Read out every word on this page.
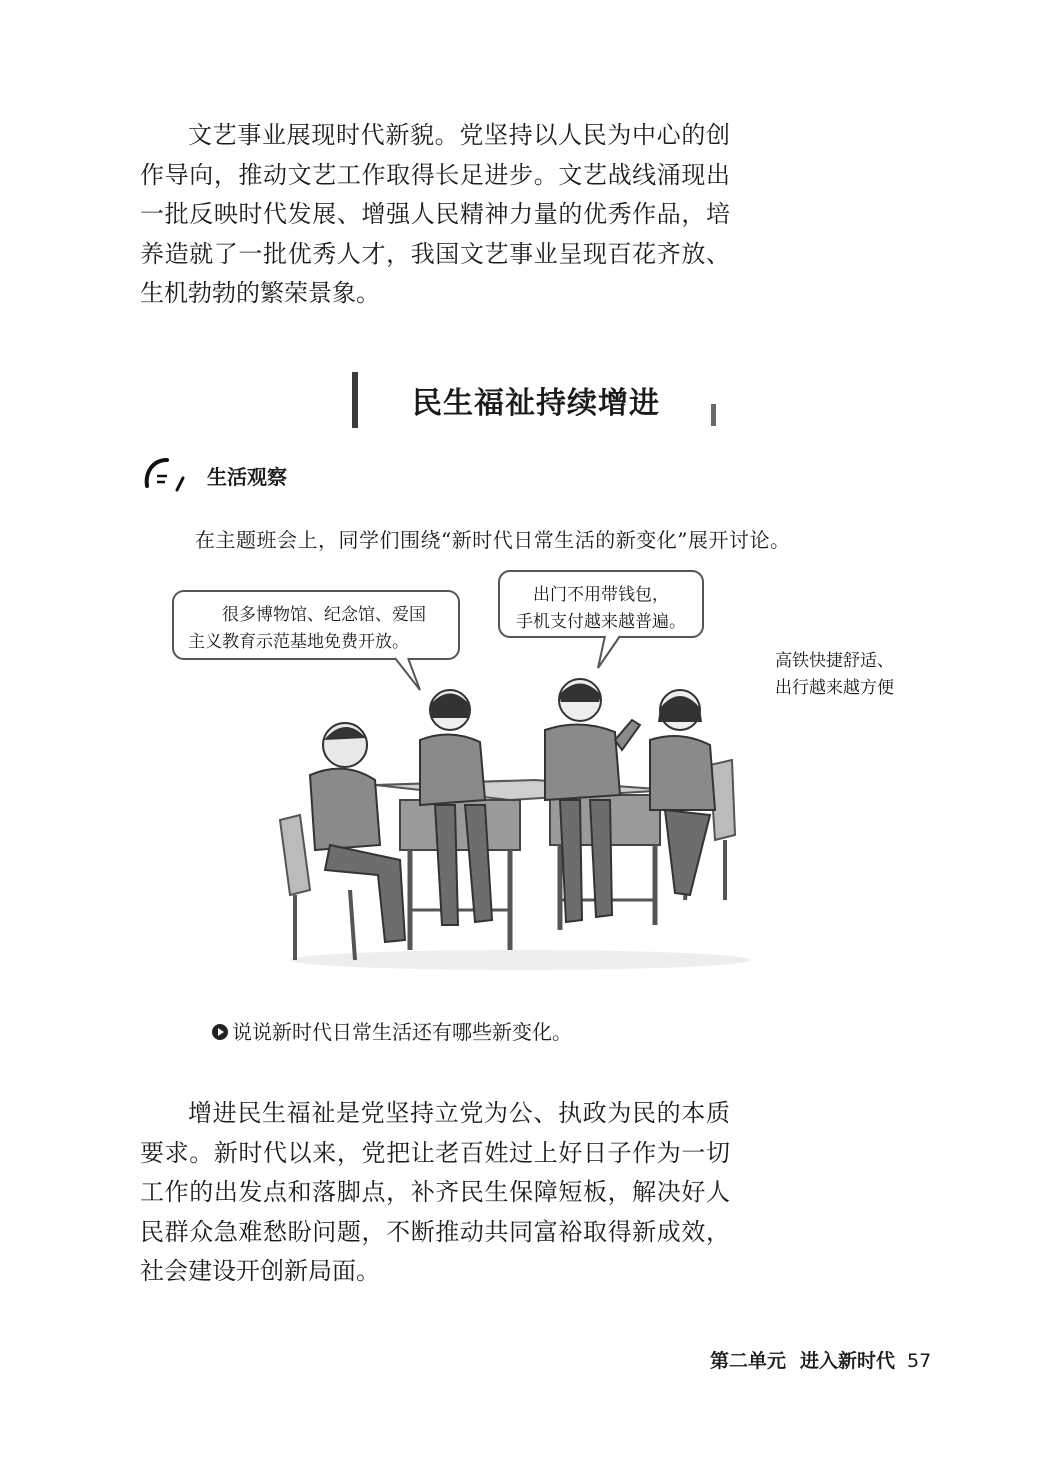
文艺事业展现时代新貌。党坚持以人民为中心的创作导向，推动文艺工作取得长足进步。文艺战线涌现出一批反映时代发展、增强人民精神力量的优秀作品，培养造就了一批优秀人才，我国文艺事业呈现百花齐放、生机勃勃的繁荣景象。

民生福祉持续增进
生活观察
在主题班会上，同学们围绕“新时代日常生活的新变化”展开讨论。
很多博物馆、纪念馆、爱国
主义教育示范基地免费开放。
出门不用带钱包，
手机支付越来越普遍。
高铁快捷舒适、
出行越来越方便
说说新时代日常生活还有哪些新变化。

增进民生福祉是党坚持立党为公、执政为民的本质要求。新时代以来，党把让老百姓过上好日子作为一切工作的出发点和落脚点，补齐民生保障短板，解决好人民群众急难愁盼问题，不断推动共同富裕取得新成效，社会建设开创新局面。

第二单元 进入新时代 57
